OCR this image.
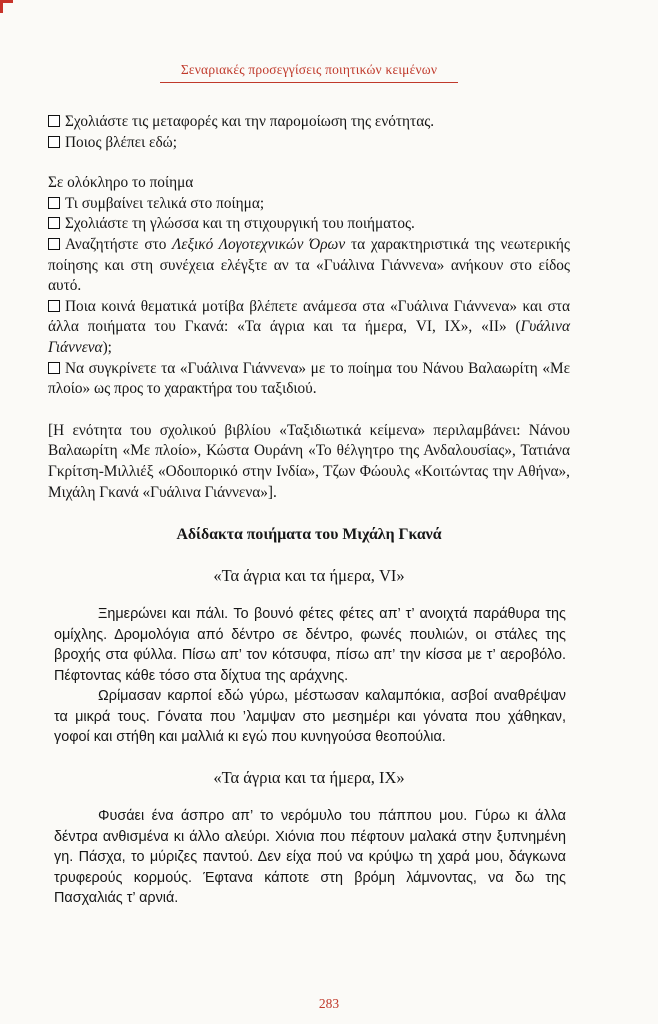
Σεναριακές προσεγγίσεις ποιητικών κειμένων

Σχολιάστε τις μεταφορές και την παρομοίωση της ενότητας.

Ποιος βλέπει εδώ;

Σε ολόκληρο το ποίημα

Τι συμβαίνει τελικά στο ποίημα;

Σχολιάστε τη γλώσσα και τη στιχουργική του ποιήματος.

Αναζητήστε στο Λεξικό Λογοτεχνικών Όρων τα χαρακτηριστικά της νεωτερικής ποίησης και στη συνέχεια ελέγξτε αν τα «Γυάλινα Γιάννενα» ανήκουν στο είδος αυτό.

Ποια κοινά θεματικά μοτίβα βλέπετε ανάμεσα στα «Γυάλινα Γιάννενα» και στα άλλα ποιήματα του Γκανά: «Τα άγρια και τα ήμερα, VI, IX», «ΙΙ» (Γυάλινα Γιάννενα);

Να συγκρίνετε τα «Γυάλινα Γιάννενα» με το ποίημα του Νάνου Βαλαωρίτη «Με πλοίο» ως προς το χαρακτήρα του ταξιδιού.

[Η ενότητα του σχολικού βιβλίου «Ταξιδιωτικά κείμενα» περιλαμβάνει: Νάνου Βαλαωρίτη «Με πλοίο», Κώστα Ουράνη «Το θέλγητρο της Ανδαλουσίας», Τατιάνα Γκρίτση-Μιλλιέξ «Οδοιπορικό στην Ινδία», Τζων Φώουλς «Κοιτώντας την Αθήνα», Μιχάλη Γκανά «Γυάλινα Γιάννενα»].

Αδίδακτα ποιήματα του Μιχάλη Γκανά

«Τα άγρια και τα ήμερα, VI»

Ξημερώνει και πάλι. Το βουνό φέτες φέτες απ’ τ’ ανοιχτά παράθυρα της ομίχλης. Δρομολόγια από δέντρο σε δέντρο, φωνές πουλιών, οι στάλες της βροχής στα φύλλα. Πίσω απ’ τον κότσυφα, πίσω απ’ την κίσσα με τ’ αεροβόλο. Πέφτοντας κάθε τόσο στα δίχτυα της αράχνης.

Ωρίμασαν καρποί εδώ γύρω, μέστωσαν καλαμπόκια, ασβοί αναθρέψαν τα μικρά τους. Γόνατα που ’λαμψαν στο μεσημέρι και γόνατα που χάθηκαν, γοφοί και στήθη και μαλλιά κι εγώ που κυνηγούσα θεοπούλια.

«Τα άγρια και τα ήμερα, IX»

Φυσάει ένα άσπρο απ’ το νερόμυλο του πάππου μου. Γύρω κι άλλα δέντρα ανθισμένα κι άλλο αλεύρι. Χιόνια που πέφτουν μαλακά στην ξυπνημένη γη. Πάσχα, το μύριζες παντού. Δεν είχα πού να κρύψω τη χαρά μου, δάγκωνα τρυφερούς κορμούς. Έφτανα κάποτε στη βρόμη λάμνοντας, να δω της Πασχαλιάς τ’ αρνιά.

283
